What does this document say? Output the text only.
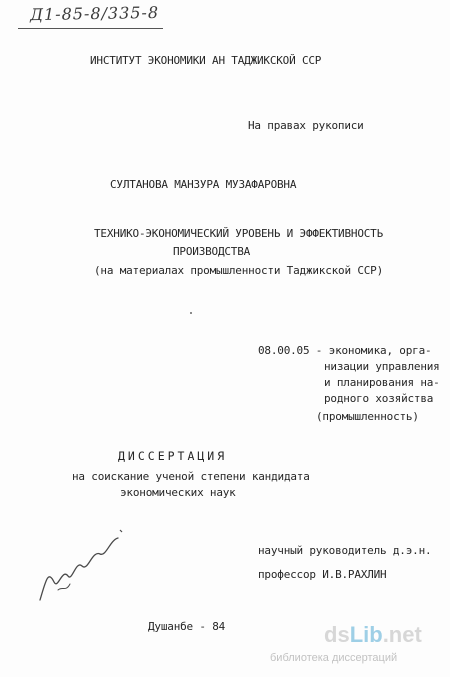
Д1-85-8/335-8
ИНСТИТУТ ЭКОНОМИКИ АН ТАДЖИКСКОЙ ССР
На правах рукописи
СУЛТАНОВА МАНЗУРА МУЗАФАРОВНА
ТЕХНИКО-ЭКОНОМИЧЕСКИЙ УРОВЕНЬ И ЭФФЕКТИВНОСТЬ
ПРОИЗВОДСТВА
(на материалах промышленности Таджикской ССР)
08.00.05 - экономика, орга-
низации управления
и планирования на-
родного хозяйства
(промышленность)
ДИССЕРТАЦИЯ
на соискание ученой степени кандидата
экономических наук
научный руководитель д.э.н.
профессор И.В.РАХЛИН
Душанбе - 84	dsLib.net
библиотека диссертаций
